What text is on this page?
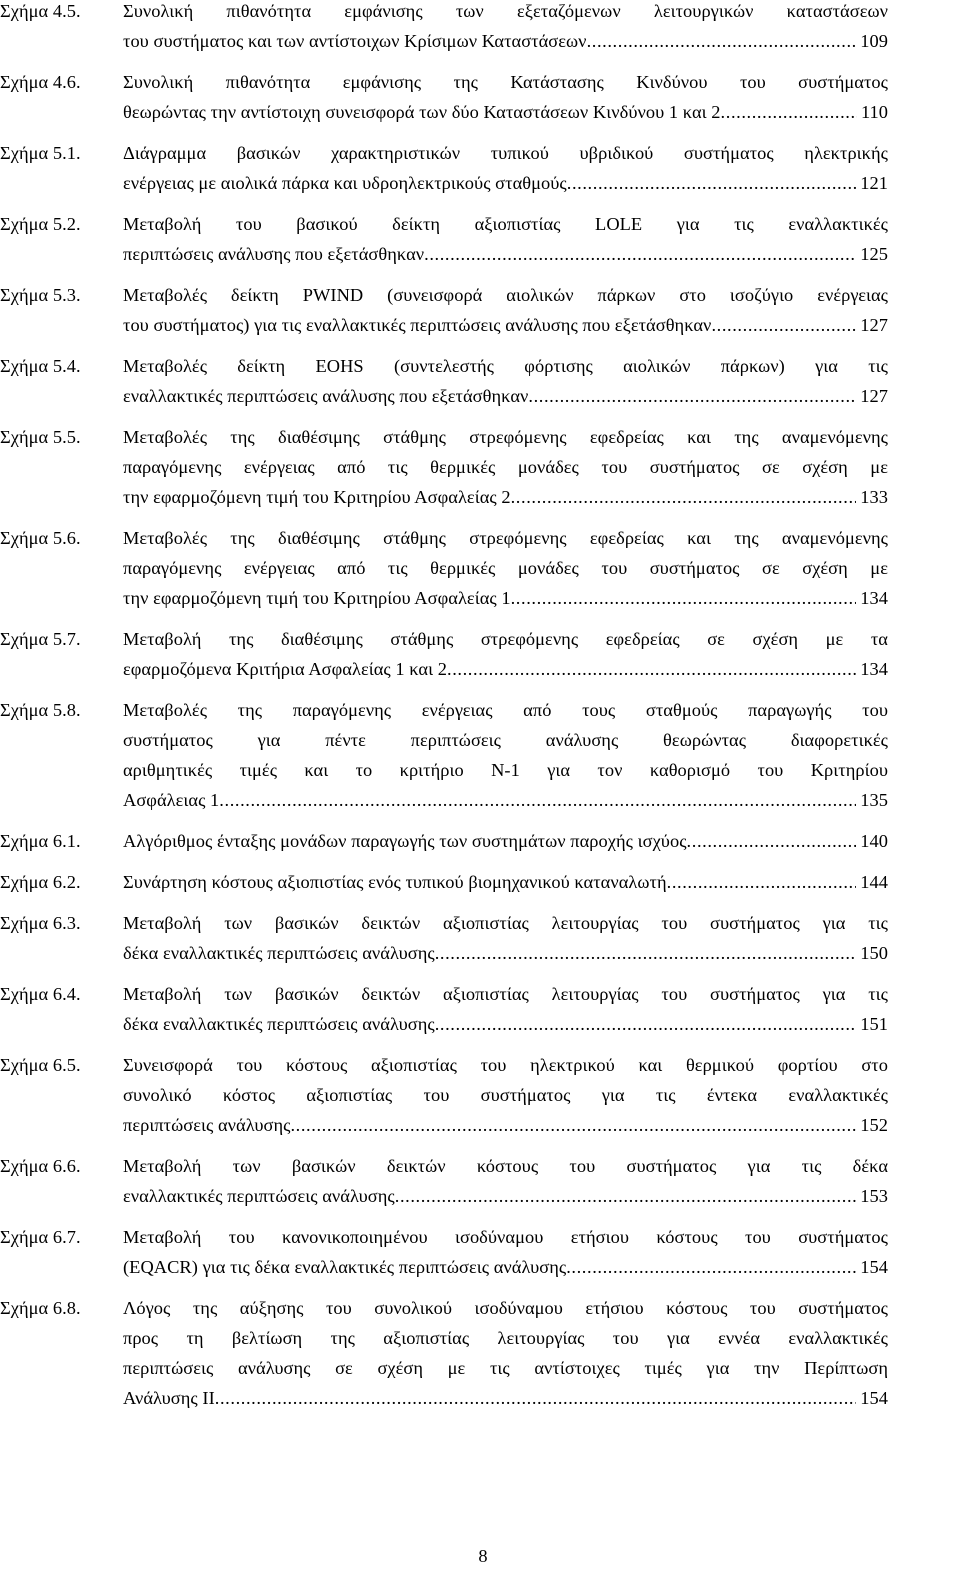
Σχήμα 4.5. Συνολική πιθανότητα εμφάνισης των εξεταζόμενων λειτουργικών καταστάσεων
του συστήματος και των αντίστοιχων Κρίσιμων Καταστάσεων .....	109
Σχήμα 4.6. Συνολική πιθανότητα εμφάνισης της Κατάστασης Κινδύνου του συστήματος
θεωρώντας την αντίστοιχη συνεισφορά των δύο Καταστάσεων Κινδύνου 1 και 2 .....	110
Σχήμα 5.1. Διάγραμμα βασικών χαρακτηριστικών τυπικού υβριδικού συστήματος ηλεκτρικής
ενέργειας με αιολικά πάρκα και υδροηλεκτρικούς σταθμούς .....	121
Σχήμα 5.2. Μεταβολή του βασικού δείκτη αξιοπιστίας LOLE για τις εναλλακτικές
περιπτώσεις ανάλυσης που εξετάσθηκαν .....	125
Σχήμα 5.3. Μεταβολές δείκτη PWIND (συνεισφορά αιολικών πάρκων στο ισοζύγιο ενέργειας
του συστήματος) για τις εναλλακτικές περιπτώσεις ανάλυσης που εξετάσθηκαν .....	127
Σχήμα 5.4. Μεταβολές δείκτη EOHS (συντελεστής φόρτισης αιολικών πάρκων) για τις
εναλλακτικές περιπτώσεις ανάλυσης που εξετάσθηκαν .....	127
Σχήμα 5.5. Μεταβολές της διαθέσιμης στάθμης στρεφόμενης εφεδρείας και της αναμενόμενης
παραγόμενης ενέργειας από τις θερμικές μονάδες του συστήματος σε σχέση με
την εφαρμοζόμενη τιμή του Κριτηρίου Ασφαλείας 2 .....	133
Σχήμα 5.6. Μεταβολές της διαθέσιμης στάθμης στρεφόμενης εφεδρείας και της αναμενόμενης
παραγόμενης ενέργειας από τις θερμικές μονάδες του συστήματος σε σχέση με
την εφαρμοζόμενη τιμή του Κριτηρίου Ασφαλείας 1 .....	134
Σχήμα 5.7. Μεταβολή της διαθέσιμης στάθμης στρεφόμενης εφεδρείας σε σχέση με τα
εφαρμοζόμενα Κριτήρια Ασφαλείας 1 και 2 .....	134
Σχήμα 5.8. Μεταβολές της παραγόμενης ενέργειας από τους σταθμούς παραγωγής του
συστήματος για πέντε περιπτώσεις ανάλυσης θεωρώντας διαφορετικές
αριθμητικές τιμές και το κριτήριο N-1 για τον καθορισμό του Κριτηρίου
Ασφάλειας 1 .....	135
Σχήμα 6.1. Αλγόριθμος ένταξης μονάδων παραγωγής των συστημάτων παροχής ισχύος .....	140
Σχήμα 6.2. Συνάρτηση κόστους αξιοπιστίας ενός τυπικού βιομηχανικού καταναλωτή .....	144
Σχήμα 6.3. Μεταβολή των βασικών δεικτών αξιοπιστίας λειτουργίας του συστήματος για τις
δέκα εναλλακτικές περιπτώσεις ανάλυσης .....	150
Σχήμα 6.4. Μεταβολή των βασικών δεικτών αξιοπιστίας λειτουργίας του συστήματος για τις
δέκα εναλλακτικές περιπτώσεις ανάλυσης .....	151
Σχήμα 6.5. Συνεισφορά του κόστους αξιοπιστίας του ηλεκτρικού και θερμικού φορτίου στο
συνολικό κόστος αξιοπιστίας του συστήματος για τις έντεκα εναλλακτικές
περιπτώσεις ανάλυσης .....	152
Σχήμα 6.6. Μεταβολή των βασικών δεικτών κόστους του συστήματος για τις δέκα
εναλλακτικές περιπτώσεις ανάλυσης .....	153
Σχήμα 6.7. Μεταβολή του κανονικοποιημένου ισοδύναμου ετήσιου κόστους του συστήματος
(EQACR) για τις δέκα εναλλακτικές περιπτώσεις ανάλυσης .....	154
Σχήμα 6.8. Λόγος της αύξησης του συνολικού ισοδύναμου ετήσιου κόστους του συστήματος
προς τη βελτίωση της αξιοπιστίας λειτουργίας του για εννέα εναλλακτικές
περιπτώσεις ανάλυσης σε σχέση με τις αντίστοιχες τιμές για την Περίπτωση
Ανάλυσης ΙΙ .....	154
8
